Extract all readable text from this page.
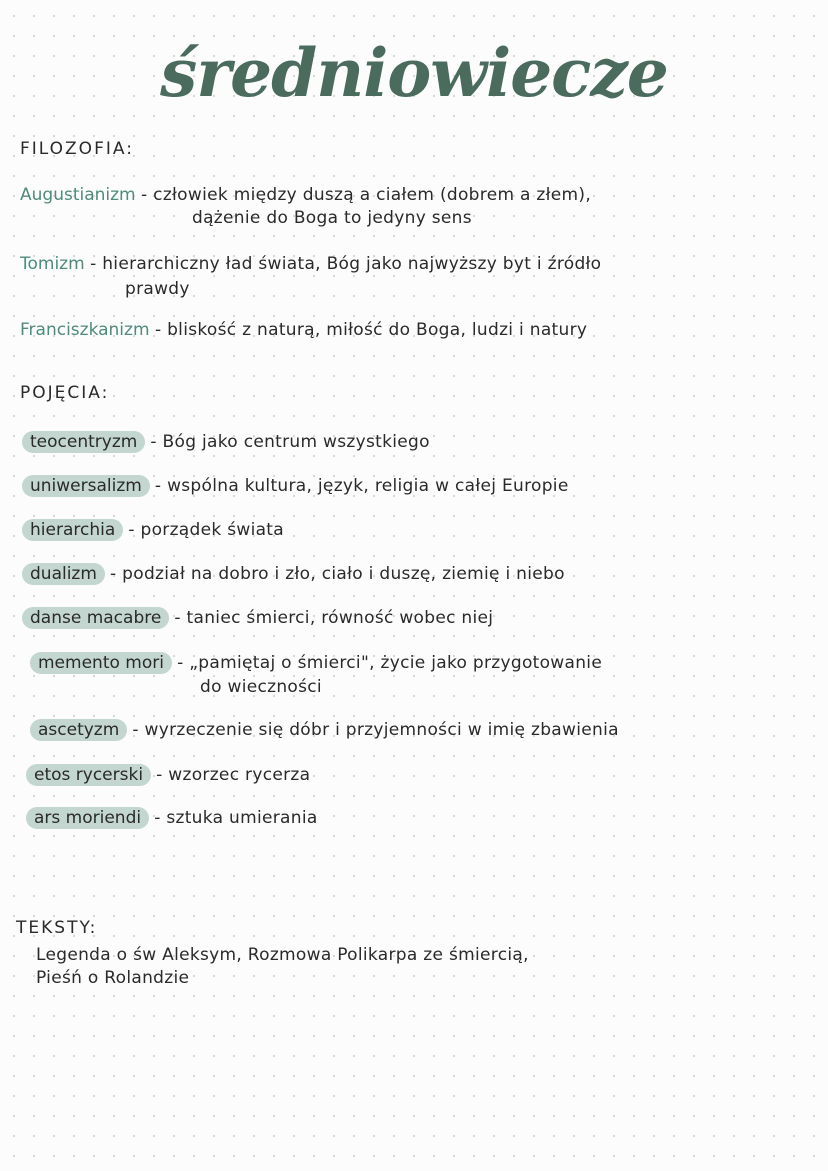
średniowiecze
FILOZOFIA:
Augustianizm - człowiek między duszą a ciałem (dobrem a złem),
dążenie do Boga to jedyny sens
Tomizm - hierarchiczny ład świata, Bóg jako najwyższy byt i źródło
prawdy
Franciszkanizm - bliskość z naturą, miłość do Boga, ludzi i natury
POJĘCIA:
teocentryzm - Bóg jako centrum wszystkiego
uniwersalizm - wspólna kultura, język, religia w całej Europie
hierarchia - porządek świata
dualizm - podział na dobro i zło, ciało i duszę, ziemię i niebo
danse macabre - taniec śmierci, równość wobec niej
memento mori - „pamiętaj o śmierci", życie jako przygotowanie
do wieczności
ascetyzm - wyrzeczenie się dóbr i przyjemności w imię zbawienia
etos rycerski - wzorzec rycerza
ars moriendi - sztuka umierania
TEKSTY:
Legenda o św Aleksym, Rozmowa Polikarpa ze śmiercią,
Pieśń o Rolandzie
